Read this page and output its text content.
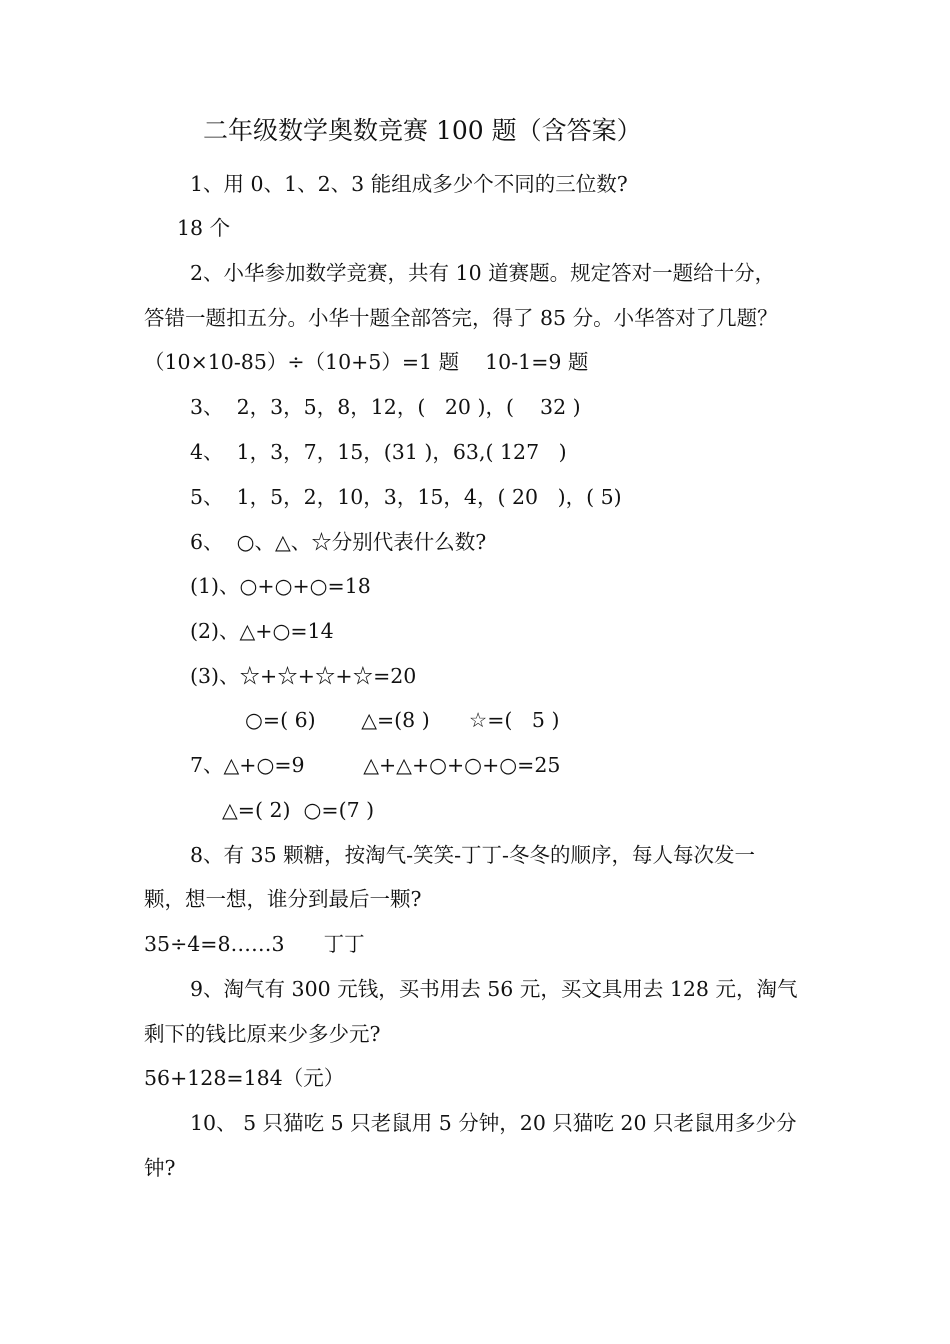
二年级数学奥数竞赛 100 题（含答案）
1、用 0、1、2、3 能组成多少个不同的三位数?
18 个
2、小华参加数学竞赛，共有 10 道赛题。规定答对一题给十分，
答错一题扣五分。小华十题全部答完，得了 85 分。小华答对了几题？
（10×10-85）÷（10+5）=1 题    10-1=9 题
3、  2，3，5，8，12，(   20 )，(    32 )
4、  1，3，7，15，(31 )，63,( 127   )
5、  1，5，2，10，3，15，4，( 20   )，( 5)
6、  ○、△、☆分别代表什么数?
(1)、○+○+○=18
(2)、△+○=14
(3)、☆+☆+☆+☆=20
○=( 6)       △=(8 )      ☆=(   5 )
7、△+○=9         △+△+○+○+○=25
△=( 2)  ○=(7 )
8、有 35 颗糖，按淘气-笑笑-丁丁-冬冬的顺序，每人每次发一
颗，想一想，谁分到最后一颗?
35÷4=8……3      丁丁
9、淘气有 300 元钱，买书用去 56 元，买文具用去 128 元，淘气
剩下的钱比原来少多少元?
56+128=184（元）
10、 5 只猫吃 5 只老鼠用 5 分钟，20 只猫吃 20 只老鼠用多少分
钟?
